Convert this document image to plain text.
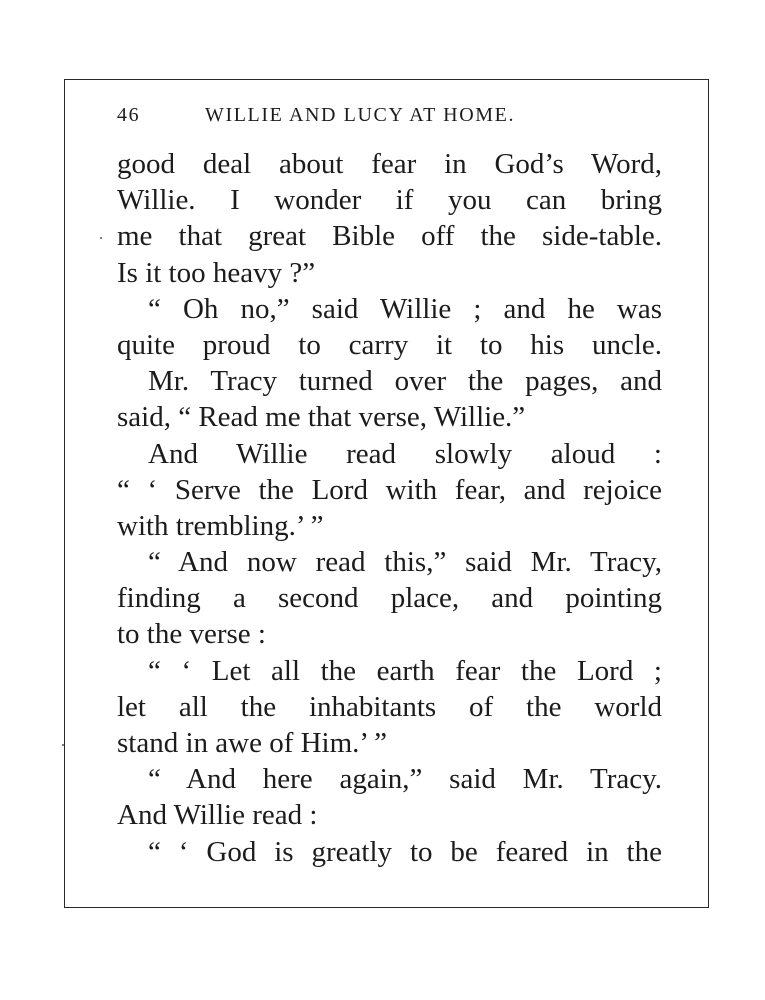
46	WILLIE AND LUCY AT HOME.
good deal about fear in God’s Word,
Willie. I wonder if you can bring
me that great Bible off the side-table.
Is it too heavy ?”
“ Oh no,” said Willie ; and he was
quite proud to carry it to his uncle.
Mr. Tracy turned over the pages, and
said, “ Read me that verse, Willie.”
And Willie read slowly aloud :
“ ‘ Serve the Lord with fear, and rejoice
with trembling.’ ”
“ And now read this,” said Mr. Tracy,
finding a second place, and pointing
to the verse :
“ ‘ Let all the earth fear the Lord ;
let all the inhabitants of the world
stand in awe of Him.’ ”
“ And here again,” said Mr. Tracy.
And Willie read :
“ ‘ God is greatly to be feared in the
